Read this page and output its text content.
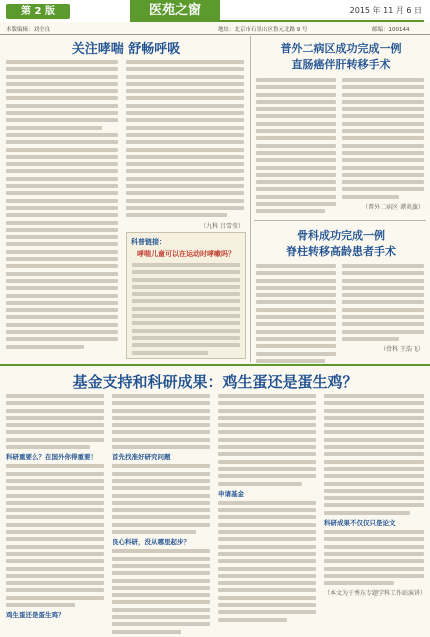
第 2 版	医苑之窗	2015 年 11 月 6 日
本版编辑：刘全良	地址：北京市石景山区鲁元北路 9 号	邮编：100144
关注哮喘 舒畅呼吸
（九科 吕雪莹）
科普链接：
哮喘儿童可以在运动时哮嗽吗？
普外二病区成功完成一例
直肠癌伴肝转移手术
（普外二病区 谭炎旗）
骨科成功完成一例
脊柱转移高龄患者手术
（骨科 王浩飞）
基金支持和科研成果：鸡生蛋还是蛋生鸡？
科研重要么？在国外你得重要！
鸡生蛋还是蛋生鸡？
首先找准好研究问题
良心科研，没从哪里起步？
申请基金
科研成果不仅仅只是论文
（本文为于秀东专题学科工作站演讲）
